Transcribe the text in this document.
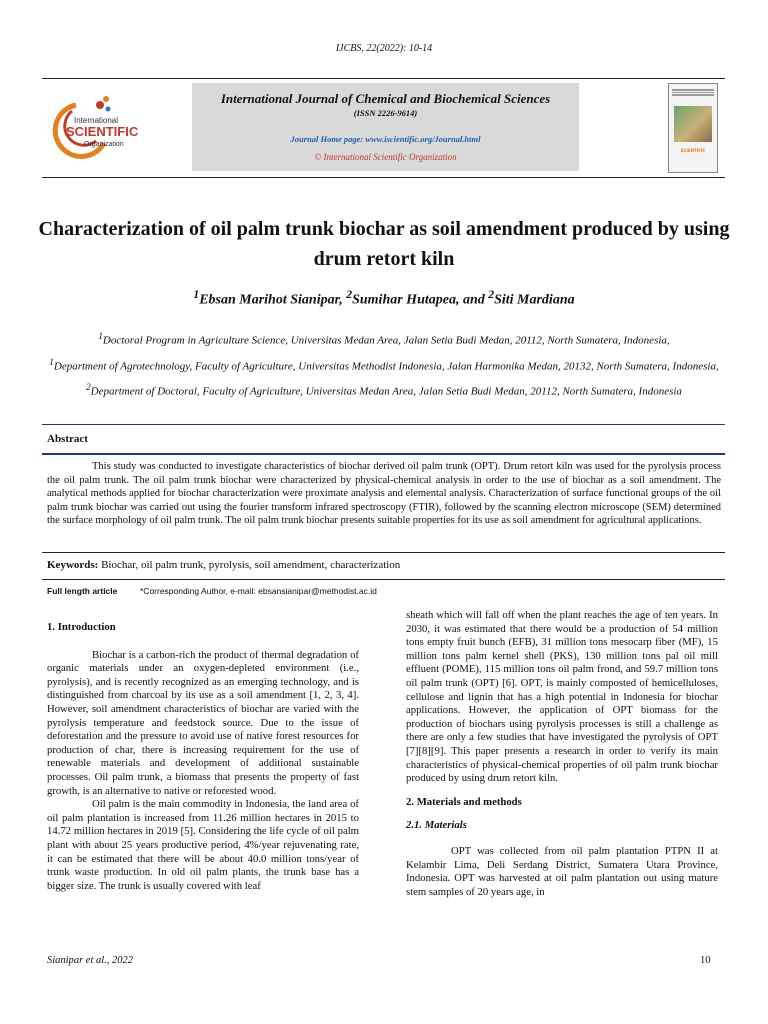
IJCBS, 22(2022): 10-14
International
SCIENTIFIC
Organization
International Journal of Chemical and Biochemical Sciences
(ISSN 2226-9614)
Journal Home page: www.iscientific.org/Journal.html
© International Scientific Organization
SCIENTIFIC
Characterization of oil palm trunk biochar as soil amendment produced by using drum retort kiln
$^1$Ebsan Marihot Sianipar, $^2$Sumihar Hutapea, and $^2$Siti Mardiana
$^1$Doctoral Program in Agriculture Science, Universitas Medan Area, Jalan Setia Budi Medan, 20112, North Sumatera, Indonesia,
$^1$Department of Agrotechnology, Faculty of Agriculture, Universitas Methodist Indonesia, Jalan Harmonika Medan, 20132, North Sumatera, Indonesia, $^2$Department of Doctoral, Faculty of Agriculture, Universitas Medan Area, Jalan Setia Budi Medan, 20112, North Sumatera, Indonesia
Abstract
This study was conducted to investigate characteristics of biochar derived oil palm trunk (OPT). Drum retort kiln was used for the pyrolysis process the oil palm trunk. The oil palm trunk biochar were characterized by physical-chemical analysis in order to the use of biochar as a soil amendment. The analytical methods applied for biochar characterization were proximate analysis and elemental analysis. Characterization of surface functional groups of the oil palm trunk biochar was carried out using the fourier transform infrared spectroscopy (FTIR), followed by the scanning electron microscope (SEM) determined the surface morphology of oil palm trunk. The oil palm trunk biochar presents suitable properties for its use as soil amendment for agricultural applications.
Keywords: Biochar, oil palm trunk, pyrolysis, soil amendment, characterization
Full length article	*Corresponding Author, e-mail: ebsansianipar@methodist.ac.id

1. Introduction

Biochar is a carbon-rich the product of thermal degradation of organic materials under an oxygen-depleted environment (i.e., pyrolysis), and is recently recognized as an emerging technology, and is distinguished from charcoal by its use as a soil amendment [1, 2, 3, 4]. However, soil amendment characteristics of biochar are varied with the pyrolysis temperature and feedstock source. Due to the issue of deforestation and the pressure to avoid use of native forest resources for production of char, there is increasing requirement for the use of renewable materials and development of additional sustainable processes. Oil palm trunk, a biomass that presents the property of fast growth, is an alternative to native or reforested wood.

Oil palm is the main commodity in Indonesia, the land area of oil palm plantation is increased from 11.26 million hectares in 2015 to 14.72 million hectares in 2019 [5]. Considering the life cycle of oil palm plant with about 25 years productive period, 4%/year rejuvenating rate, it can be estimated that there will be about 40.0 million tons/year of trunk waste production. In old oil palm plants, the trunk base has a bigger size. The trunk is usually covered with leaf

sheath which will fall off when the plant reaches the age of ten years. In 2030, it was estimated that there would be a production of 54 million tons empty fruit bunch (EFB), 31 million tons mesocarp fiber (MF), 15 million tons palm kernel shell (PKS), 130 million tons pal oil mill effluent (POME), 115 million tons oil palm frond, and 59.7 million tons oil palm trunk (OPT) [6]. OPT, is mainly composted of hemicelluloses, cellulose and lignin that has a high potential in Indonesia for biochar applications. However, the application of OPT biomass for the production of biochars using pyrolysis processes is still a challenge as there are only a few studies that have investigated the pyrolysis of OPT [7][8][9]. This paper presents a research in order to verify its main characteristics of physical-chemical properties of oil palm trunk biochar produced by using drum retort kiln.

2. Materials and methods

2.1. Materials

OPT was collected from oil palm plantation PTPN II at Kelambir Lima, Deli Serdang District, Sumatera Utara Province, Indonesia. OPT was harvested at oil palm plantation out using mature stem samples of 20 years age, in

Sianipar et al., 2022	10
